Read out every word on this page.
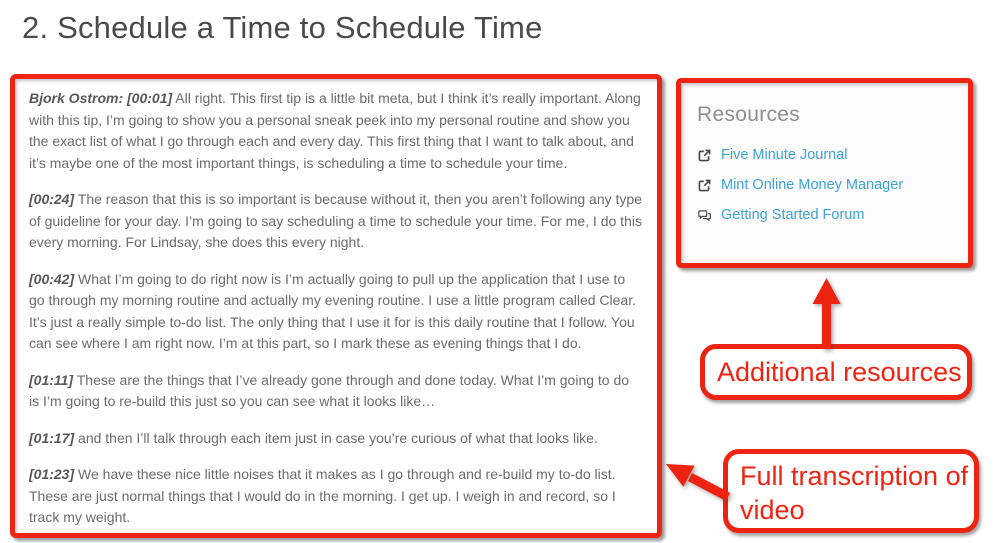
2. Schedule a Time to Schedule Time

Bjork Ostrom: [00:01] All right. This first tip is a little bit meta, but I think it’s really important. Along with this tip, I’m going to show you a personal sneak peek into my personal routine and show you the exact list of what I go through each and every day. This first thing that I want to talk about, and it’s maybe one of the most important things, is scheduling a time to schedule your time.

[00:24] The reason that this is so important is because without it, then you aren’t following any type of guideline for your day. I’m going to say scheduling a time to schedule your time. For me, I do this every morning. For Lindsay, she does this every night.

[00:42] What I’m going to do right now is I’m actually going to pull up the application that I use to go through my morning routine and actually my evening routine. I use a little program called Clear. It’s just a really simple to-do list. The only thing that I use it for is this daily routine that I follow. You can see where I am right now. I’m at this part, so I mark these as evening things that I do.

[01:11] These are the things that I’ve already gone through and done today. What I’m going to do is I’m going to re-build this just so you can see what it looks like…

[01:17] and then I’ll talk through each item just in case you’re curious of what that looks like.

[01:23] We have these nice little noises that it makes as I go through and re-build my to-do list. These are just normal things that I would do in the morning. I get up. I weigh in and record, so I track my weight.

Resources
Five Minute Journal
Mint Online Money Manager
Getting Started Forum
Additional resources
Full transcription of video
